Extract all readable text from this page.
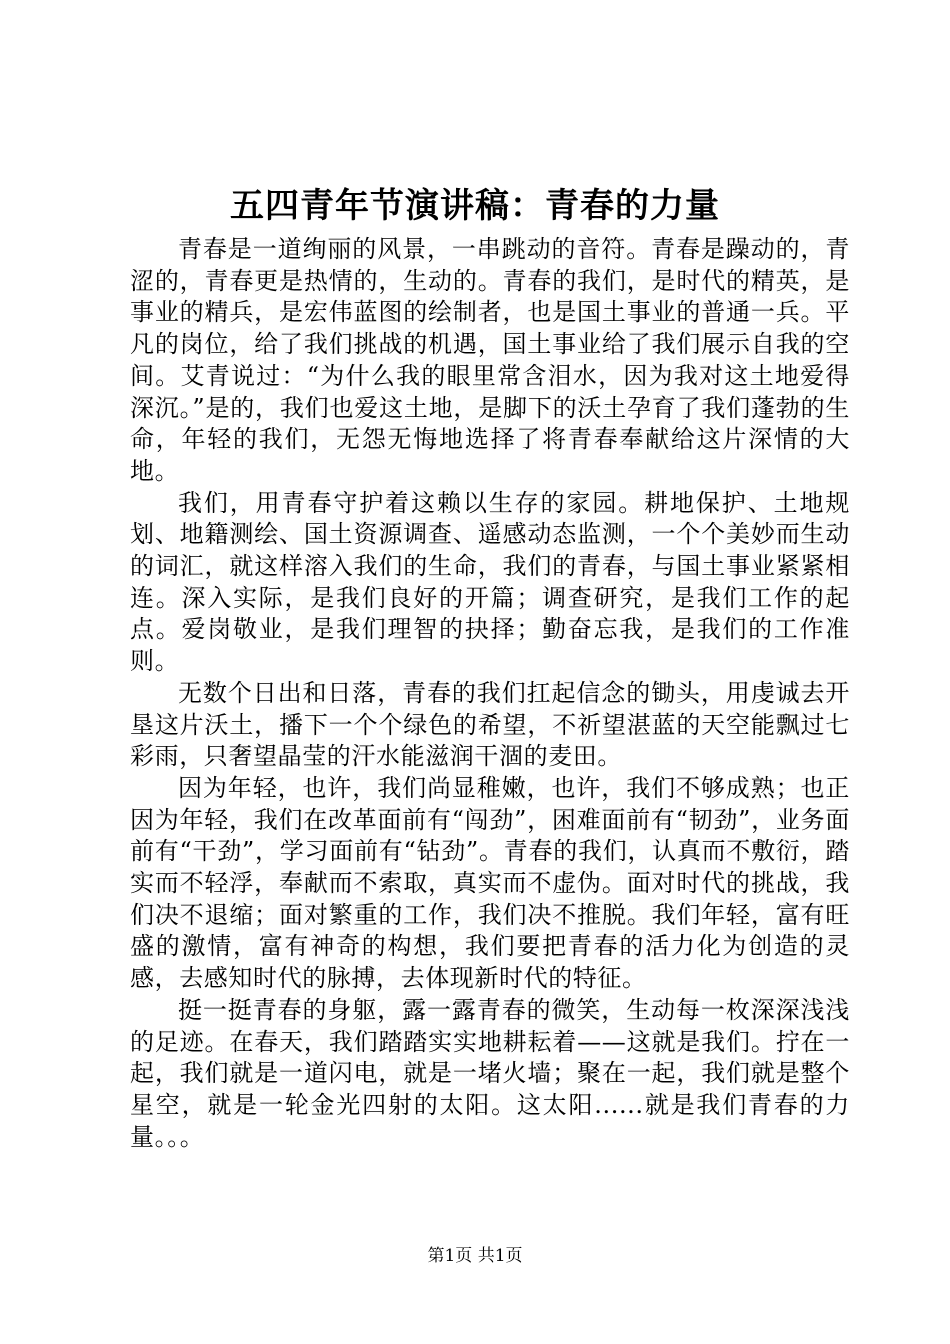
五四青年节演讲稿：青春的力量

青春是一道绚丽的风景，一串跳动的音符。青春是躁动的，青涩的，青春更是热情的，生动的。青春的我们，是时代的精英，是事业的精兵，是宏伟蓝图的绘制者，也是国土事业的普通一兵。平凡的岗位，给了我们挑战的机遇，国土事业给了我们展示自我的空间。艾青说过：“为什么我的眼里常含泪水，因为我对这土地爱得深沉。”是的，我们也爱这土地，是脚下的沃土孕育了我们蓬勃的生命，年轻的我们，无怨无悔地选择了将青春奉献给这片深情的大地。

我们，用青春守护着这赖以生存的家园。耕地保护、土地规划、地籍测绘、国土资源调查、遥感动态监测，一个个美妙而生动的词汇，就这样溶入我们的生命，我们的青春，与国土事业紧紧相连。深入实际，是我们良好的开篇；调查研究，是我们工作的起点。爱岗敬业，是我们理智的抉择；勤奋忘我，是我们的工作准则。

无数个日出和日落，青春的我们扛起信念的锄头，用虔诚去开垦这片沃土，播下一个个绿色的希望，不祈望湛蓝的天空能飘过七彩雨，只奢望晶莹的汗水能滋润干涸的麦田。

因为年轻，也许，我们尚显稚嫩，也许，我们不够成熟；也正因为年轻，我们在改革面前有“闯劲”，困难面前有“韧劲”，业务面前有“干劲”，学习面前有“钻劲”。青春的我们，认真而不敷衍，踏实而不轻浮，奉献而不索取，真实而不虚伪。面对时代的挑战，我们决不退缩；面对繁重的工作，我们决不推脱。我们年轻，富有旺盛的激情，富有神奇的构想，我们要把青春的活力化为创造的灵感，去感知时代的脉搏，去体现新时代的特征。

挺一挺青春的身躯，露一露青春的微笑，生动每一枚深深浅浅的足迹。在春天，我们踏踏实实地耕耘着——这就是我们。拧在一起，我们就是一道闪电，就是一堵火墙；聚在一起，我们就是整个星空，就是一轮金光四射的太阳。这太阳......就是我们青春的力量。。。

第1页 共1页
